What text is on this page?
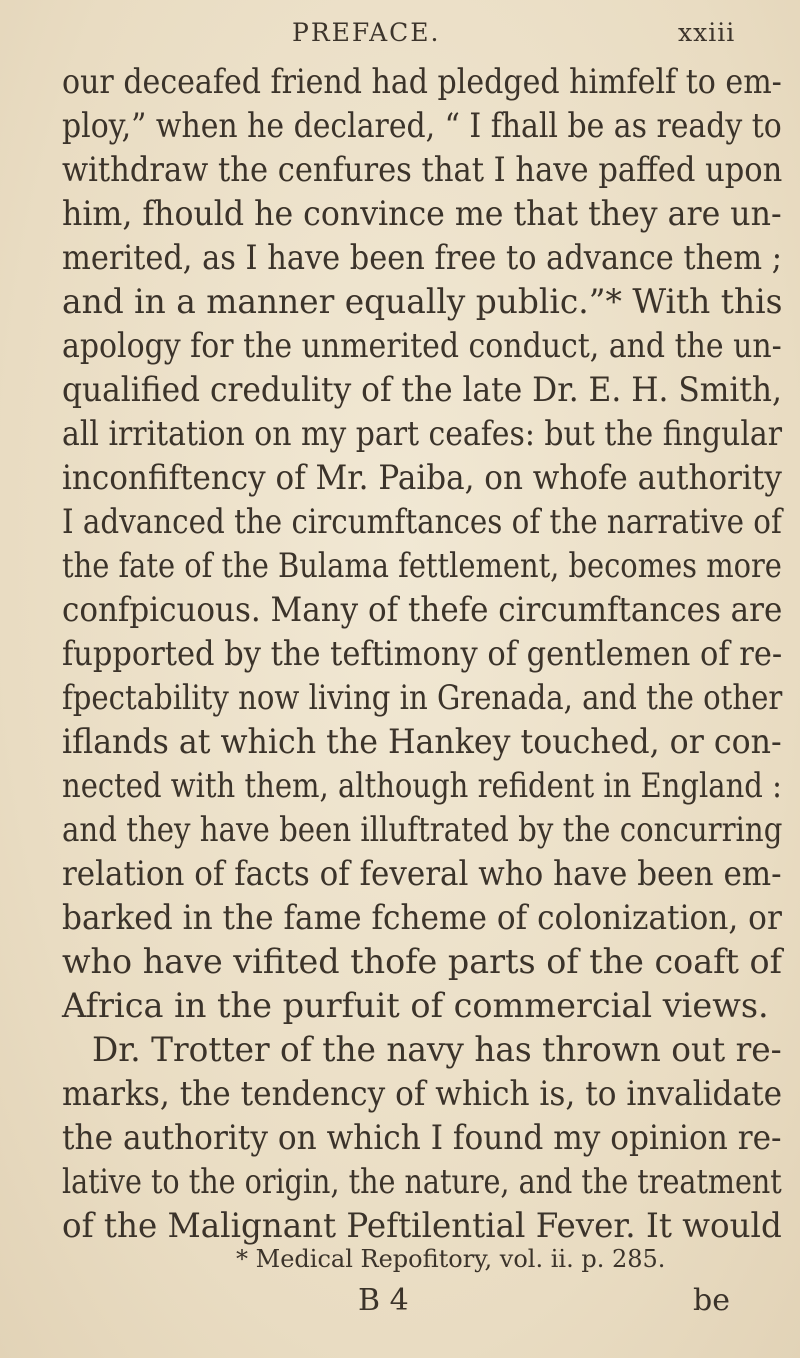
PREFACE.	xxiii
our deceafed friend had pledged himfelf to em-
ploy,” when he declared, “ I fhall be as ready to
withdraw the cenfures that I have paffed upon
him, fhould he convince me that they are un-
merited, as I have been free to advance them ;
and in a manner equally public.”* With this
apology for the unmerited conduct, and the un-
qualified credulity of the late Dr. E. H. Smith,
all irritation on my part ceafes: but the fingular
inconfiftency of Mr. Paiba, on whofe authority
I advanced the circumftances of the narrative of
the fate of the Bulama fettlement, becomes more
confpicuous. Many of thefe circumftances are
fupported by the teftimony of gentlemen of re-
fpectability now living in Grenada, and the other
iflands at which the Hankey touched, or con-
nected with them, although refident in England :
and they have been illuftrated by the concurring
relation of facts of feveral who have been em-
barked in the fame fcheme of colonization, or
who have vifited thofe parts of the coaft of
Africa in the purfuit of commercial views.
Dr. Trotter of the navy has thrown out re-
marks, the tendency of which is, to invalidate
the authority on which I found my opinion re-
lative to the origin, the nature, and the treatment
of the Malignant Peftilential Fever. It would
* Medical Repofitory, vol. ii. p. 285.
B 4	be
